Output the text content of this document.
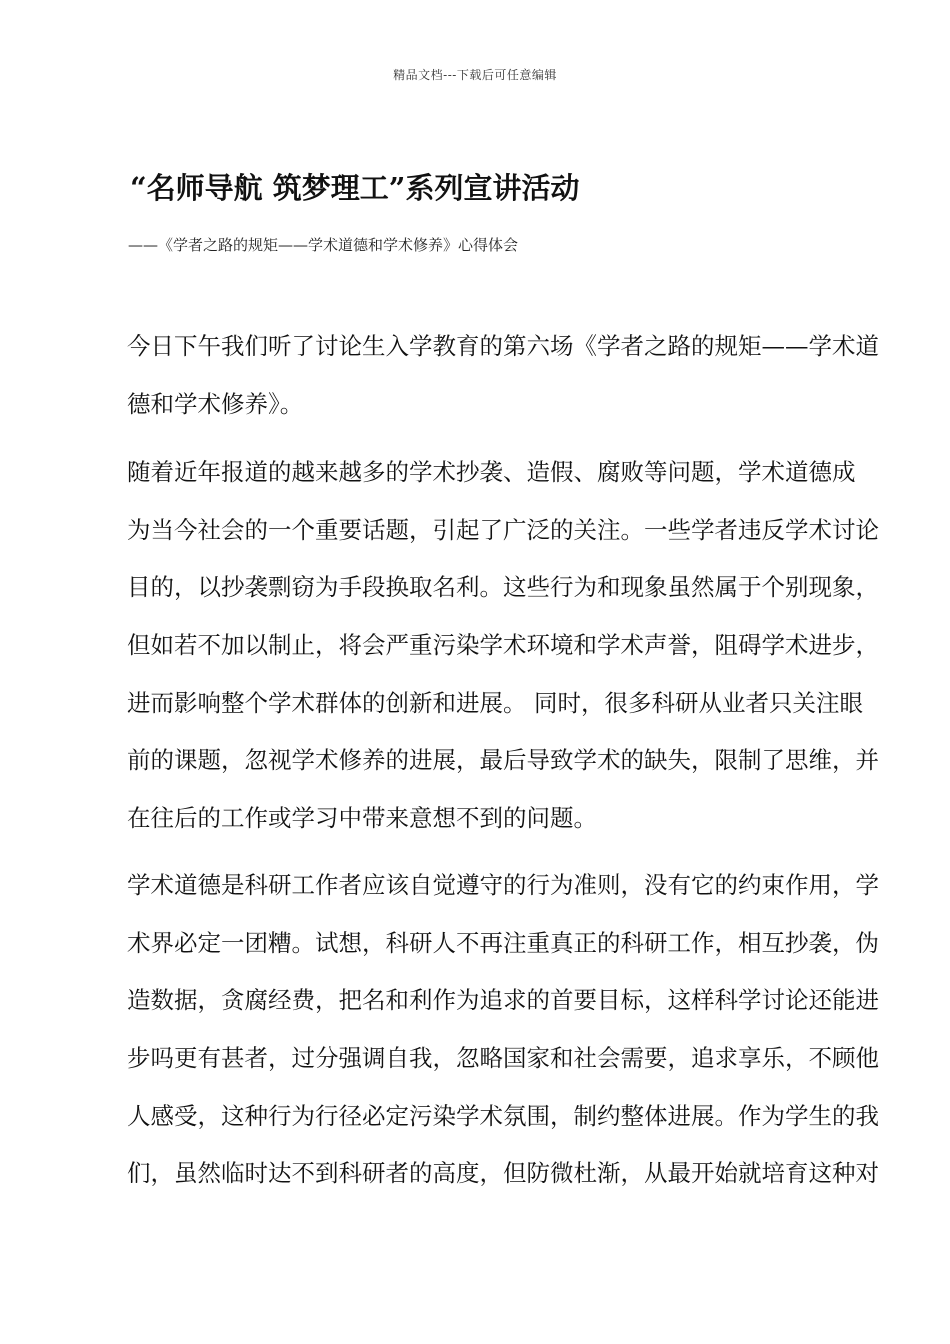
精品文档---下载后可任意编辑
“名师导航 筑梦理工”系列宣讲活动
——《学者之路的规矩——学术道德和学术修养》心得体会
今日下午我们听了讨论生入学教育的第六场《学者之路的规矩——学术道
德和学术修养》。
随着近年报道的越来越多的学术抄袭、造假、腐败等问题，学术道德成
为当今社会的一个重要话题，引起了广泛的关注。一些学者违反学术讨论
目的，以抄袭剽窃为手段换取名利。这些行为和现象虽然属于个别现象，
但如若不加以制止，将会严重污染学术环境和学术声誉，阻碍学术进步，
进而影响整个学术群体的创新和进展。 同时，很多科研从业者只关注眼
前的课题，忽视学术修养的进展，最后导致学术的缺失，限制了思维，并
在往后的工作或学习中带来意想不到的问题。
学术道德是科研工作者应该自觉遵守的行为准则，没有它的约束作用，学
术界必定一团糟。试想，科研人不再注重真正的科研工作，相互抄袭，伪
造数据，贪腐经费，把名和利作为追求的首要目标，这样科学讨论还能进
步吗更有甚者，过分强调自我，忽略国家和社会需要，追求享乐，不顾他
人感受，这种行为行径必定污染学术氛围，制约整体进展。作为学生的我
们，虽然临时达不到科研者的高度，但防微杜渐，从最开始就培育这种对
